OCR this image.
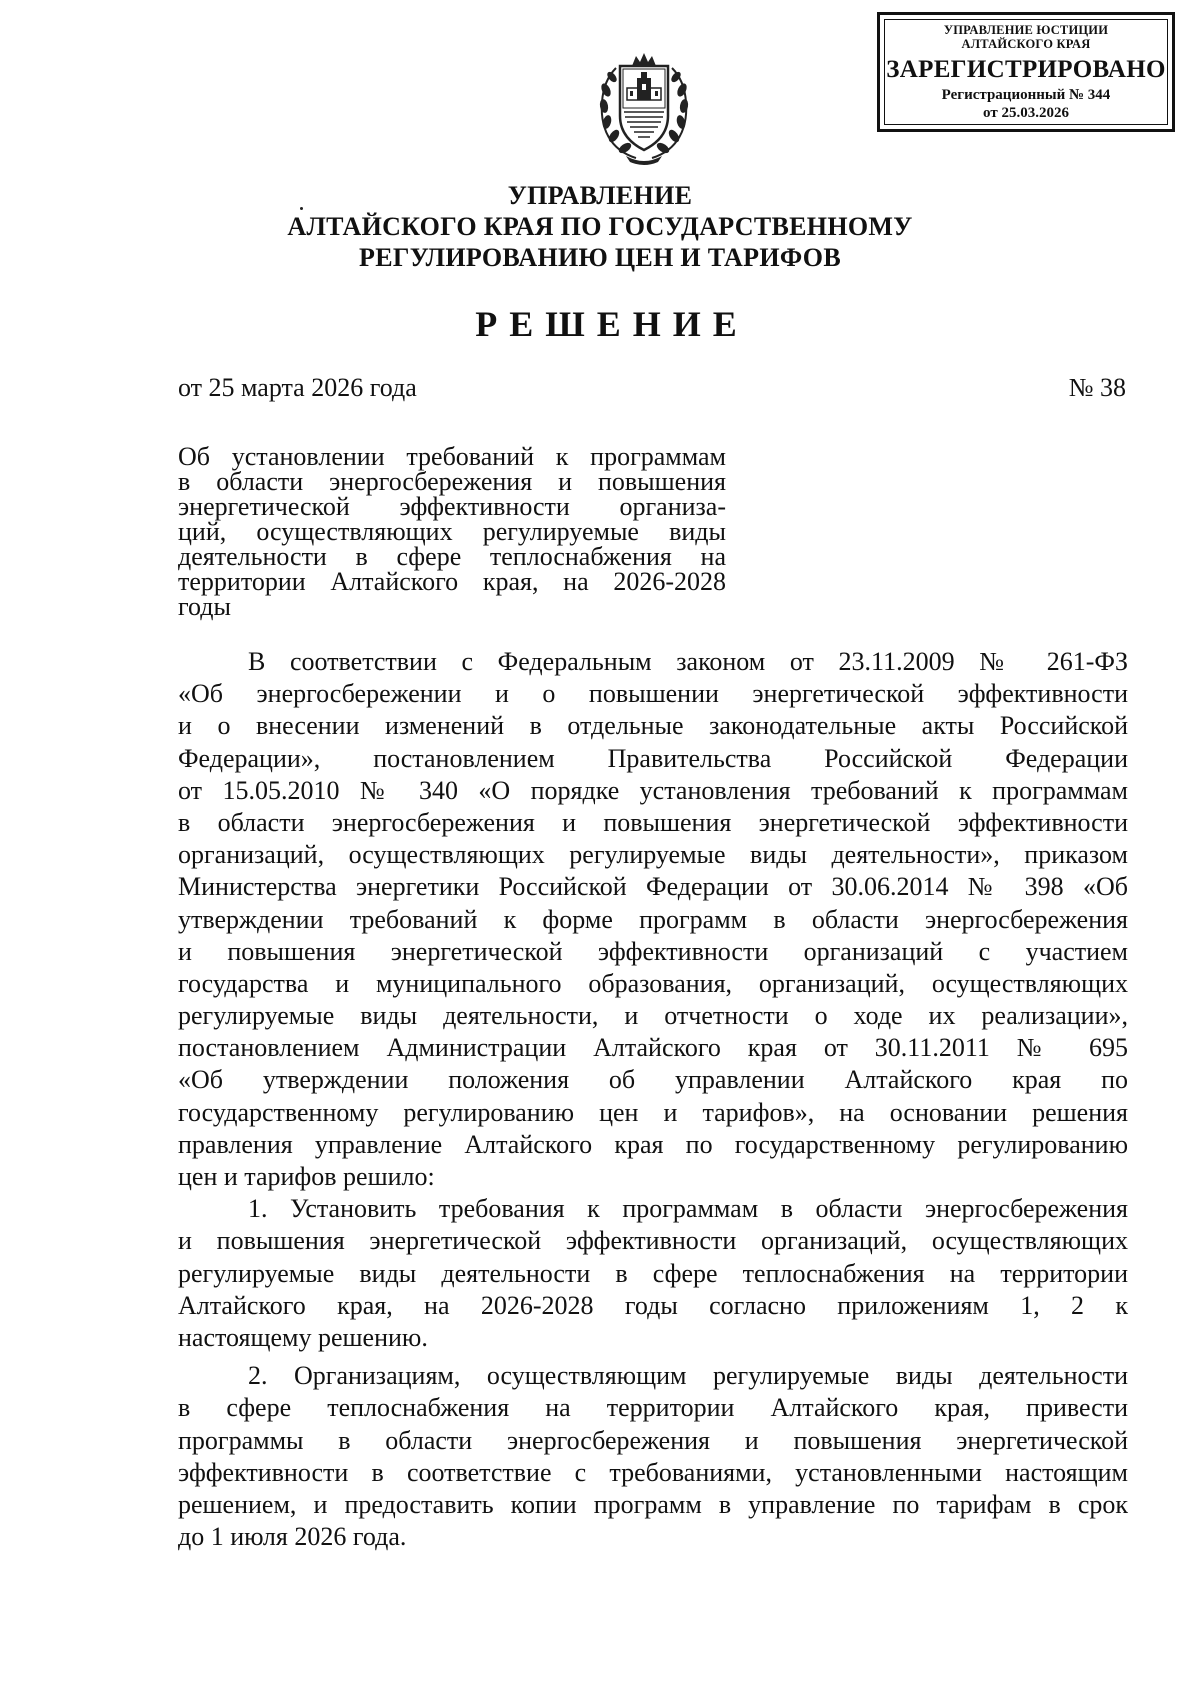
УПРАВЛЕНИЕ ЮСТИЦИИ
АЛТАЙСКОГО КРАЯ
ЗАРЕГИСТРИРОВАНО
Регистрационный № 344
от 25.03.2026
УПРАВЛЕНИЕ
АЛТАЙСКОГО КРАЯ ПО ГОСУДАРСТВЕННОМУ
РЕГУЛИРОВАНИЮ ЦЕН И ТАРИФОВ
РЕШЕНИЕ
от 25 марта 2026 года	№ 38
Об установлении требований к программам
в области энергосбережения и повышения
энергетической эффективности организа-
ций, осуществляющих регулируемые виды
деятельности в сфере теплоснабжения на
территории Алтайского края, на 2026-2028
годы
В соответствии с Федеральным законом от 23.11.2009 № 261-ФЗ
«Об энергосбережении и о повышении энергетической эффективности
и о внесении изменений в отдельные законодательные акты Российской
Федерации», постановлением Правительства Российской Федерации
от 15.05.2010 № 340 «О порядке установления требований к программам
в области энергосбережения и повышения энергетической эффективности
организаций, осуществляющих регулируемые виды деятельности», приказом
Министерства энергетики Российской Федерации от 30.06.2014 № 398 «Об
утверждении требований к форме программ в области энергосбережения
и повышения энергетической эффективности организаций с участием
государства и муниципального образования, организаций, осуществляющих
регулируемые виды деятельности, и отчетности о ходе их реализации»,
постановлением Администрации Алтайского края от 30.11.2011 № 695
«Об утверждении положения об управлении Алтайского края по
государственному регулированию цен и тарифов», на основании решения
правления управление Алтайского края по государственному регулированию
цен и тарифов решило:
1. Установить требования к программам в области энергосбережения
и повышения энергетической эффективности организаций, осуществляющих
регулируемые виды деятельности в сфере теплоснабжения на территории
Алтайского края, на 2026-2028 годы согласно приложениям 1, 2 к
настоящему решению.
2. Организациям, осуществляющим регулируемые виды деятельности
в сфере теплоснабжения на территории Алтайского края, привести
программы в области энергосбережения и повышения энергетической
эффективности в соответствие с требованиями, установленными настоящим
решением, и предоставить копии программ в управление по тарифам в срок
до 1 июля 2026 года.
